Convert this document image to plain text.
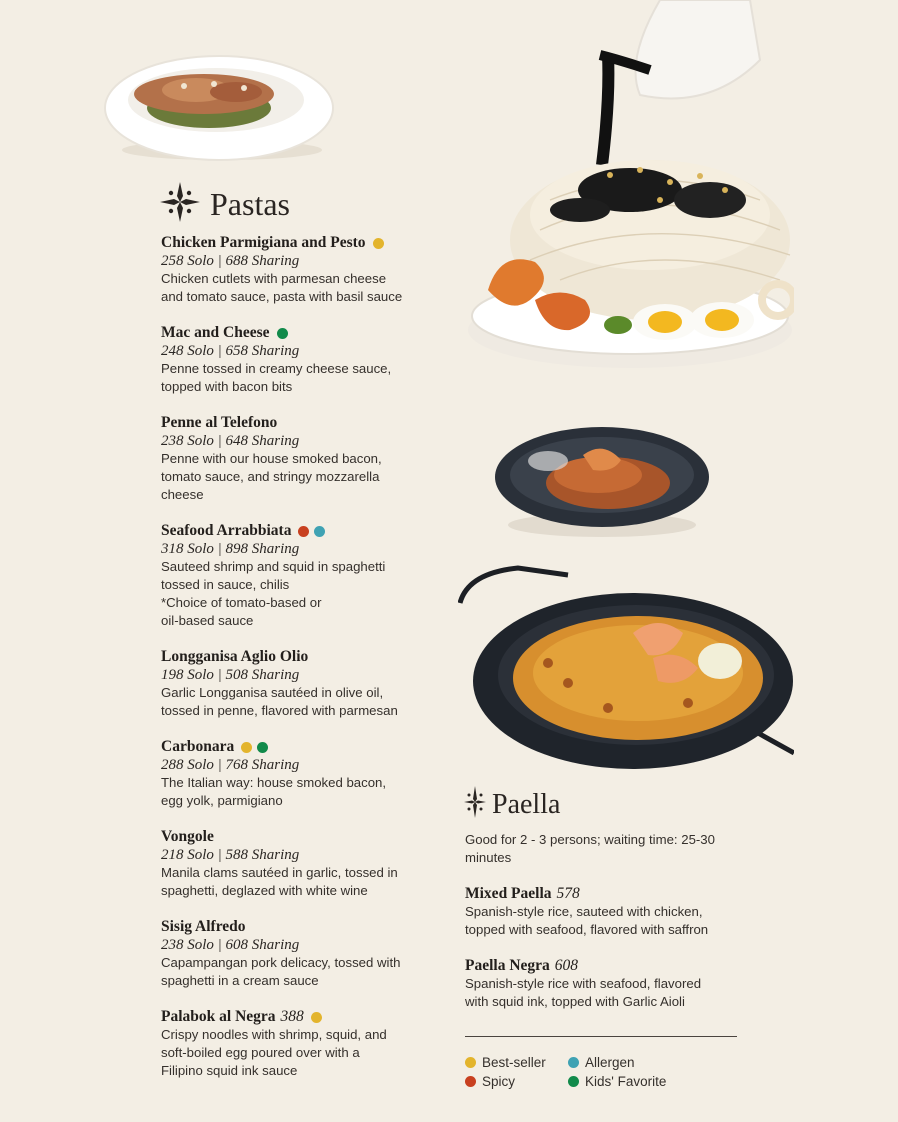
Pastas
Chicken Parmigiana and Pesto
258 Solo | 688 Sharing
Chicken cutlets with parmesan cheese
and tomato sauce, pasta with basil sauce
Mac and Cheese
248 Solo | 658 Sharing
Penne tossed in creamy cheese sauce,
topped with bacon bits
Penne al Telefono
238 Solo | 648 Sharing
Penne with our house smoked bacon,
tomato sauce, and stringy mozzarella
cheese
Seafood Arrabbiata
318 Solo | 898 Sharing
Sauteed shrimp and squid in spaghetti
tossed in sauce, chilis
*Choice of tomato-based or
oil-based sauce
Longganisa Aglio Olio
198 Solo | 508 Sharing
Garlic Longganisa sautéed in olive oil,
tossed in penne, flavored with parmesan
Carbonara
288 Solo | 768 Sharing
The Italian way: house smoked bacon,
egg yolk, parmigiano
Vongole
218 Solo | 588 Sharing
Manila clams sautéed in garlic, tossed in
spaghetti, deglazed with white wine
Sisig Alfredo
238 Solo | 608 Sharing
Capampangan pork delicacy, tossed with
spaghetti in a cream sauce
Palabok al Negra 388
Crispy noodles with shrimp, squid, and
soft-boiled egg poured over with a
Filipino squid ink sauce
Paella
Good for 2 - 3 persons; waiting time: 25-30
minutes
Mixed Paella 578
Spanish-style rice, sauteed with chicken,
topped with seafood, flavored with saffron
Paella Negra 608
Spanish-style rice with seafood, flavored
with squid ink, topped with Garlic Aioli
Best-seller	Allergen
Spicy	Kids' Favorite
